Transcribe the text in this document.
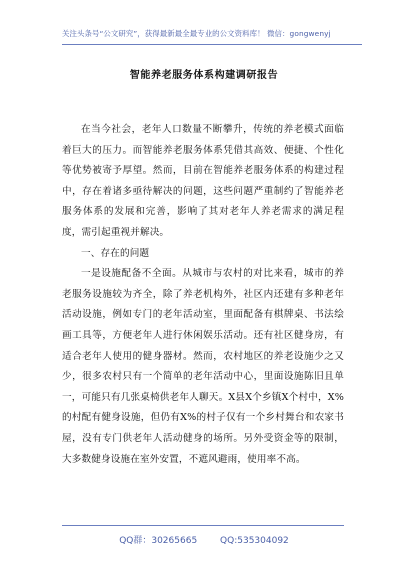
关注头条号“公文研究”，获得最新最全最专业的公文资料库！ 微信：gongwenyj
智能养老服务体系构建调研报告

在当今社会，老年人口数量不断攀升，传统的养老模式面临着巨大的压力。而智能养老服务体系凭借其高效、便捷、个性化等优势被寄予厚望。然而，目前在智能养老服务体系的构建过程中，存在着诸多亟待解决的问题，这些问题严重制约了智能养老服务体系的发展和完善，影响了其对老年人养老需求的满足程度，需引起重视并解决。

一、存在的问题

一是设施配备不全面。从城市与农村的对比来看，城市的养老服务设施较为齐全，除了养老机构外，社区内还建有多种老年活动设施，例如专门的老年活动室，里面配备有棋牌桌、书法绘画工具等，方便老年人进行休闲娱乐活动。还有社区健身房，有适合老年人使用的健身器材。然而，农村地区的养老设施少之又少，很多农村只有一个简单的老年活动中心，里面设施陈旧且单一，可能只有几张桌椅供老年人聊天。X县X个乡镇X个村中，X%的村配有健身设施，但仍有X%的村子仅有一个乡村舞台和农家书屋，没有专门供老年人活动健身的场所。另外受资金等的限制，大多数健身设施在室外安置，不遮风避雨，使用率不高。

QQ群：30265665	QQ:535304092
